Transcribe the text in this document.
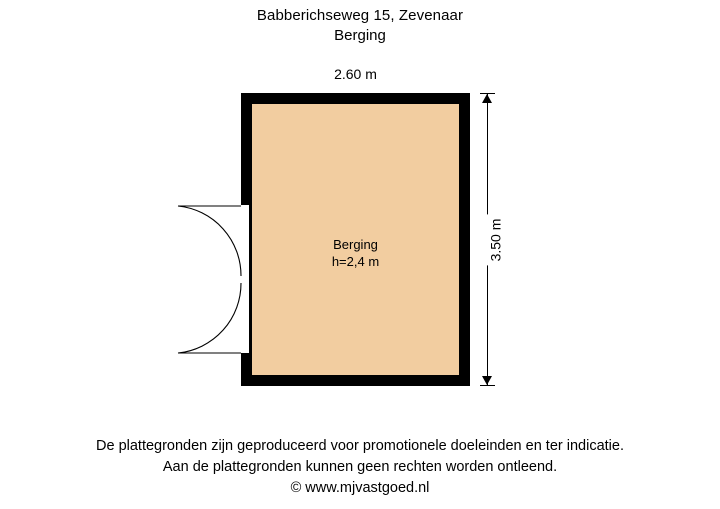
Babberichseweg 15, Zevenaar
Berging
Berging
h=2,4 m
2.60 m
3.50 m
De plattegronden zijn geproduceerd voor promotionele doeleinden en ter indicatie.
Aan de plattegronden kunnen geen rechten worden ontleend.
© www.mjvastgoed.nl
